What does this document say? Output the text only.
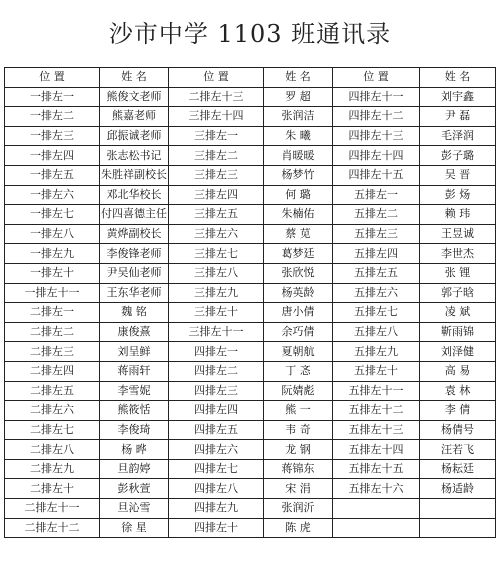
沙市中学 1103 班通讯录
位 置	姓 名	位 置	姓 名	位 置	姓 名
一排左一	熊俊文老师	二排左十三	罗 超	四排左十一	刘宇鑫
一排左二	熊嘉老师	三排左十四	张润洁	四排左十二	尹 磊
一排左三	邱振诚老师	三排左一	朱 曦	四排左十三	毛泽润
一排左四	张志松书记	三排左二	肖暖暖	四排左十四	彭子璐
一排左五	朱胜祥副校长	三排左三	杨梦竹	四排左十五	吴 晋
一排左六	邓北华校长	三排左四	何 璐	五排左一	彭 炀
一排左七	付四喜德主任	三排左五	朱楠佑	五排左二	赖 玮
一排左八	黄烨副校长	三排左六	蔡 苋	五排左三	王昱诚
一排左九	李俊锋老师	三排左七	葛梦廷	五排左四	李世杰
一排左十	尹吴仙老师	三排左八	张欣悦	五排左五	张 锂
一排左十一	王东华老师	三排左九	杨英龄	五排左六	郭子晗
二排左一	魏 铭	三排左十	唐小倩	五排左七	凌 斌
二排左二	康俊熹	三排左十一	余巧倩	五排左八	靳雨锦
二排左三	刘呈鲜	四排左一	夏朝航	五排左九	刘泽健
二排左四	蒋雨轩	四排左二	丁 忞	五排左十	高 易
二排左五	李雪妮	四排左三	阮婧彪	五排左十一	袁 林
二排左六	熊筱恬	四排左四	熊 一	五排左十二	李 倩
二排左七	李俊琦	四排左五	韦 奇	五排左十三	杨倩号
二排左八	杨 晔	四排左六	龙 钢	五排左十四	汪若飞
二排左九	旦韵婷	四排左七	蒋锦东	五排左十五	杨耘廷
二排左十	彭秋萱	四排左八	宋 涓	五排左十六	杨适龄
二排左十一	旦沁雪	四排左九	张润沂		
二排左十二	徐 星	四排左十	陈 虎		
